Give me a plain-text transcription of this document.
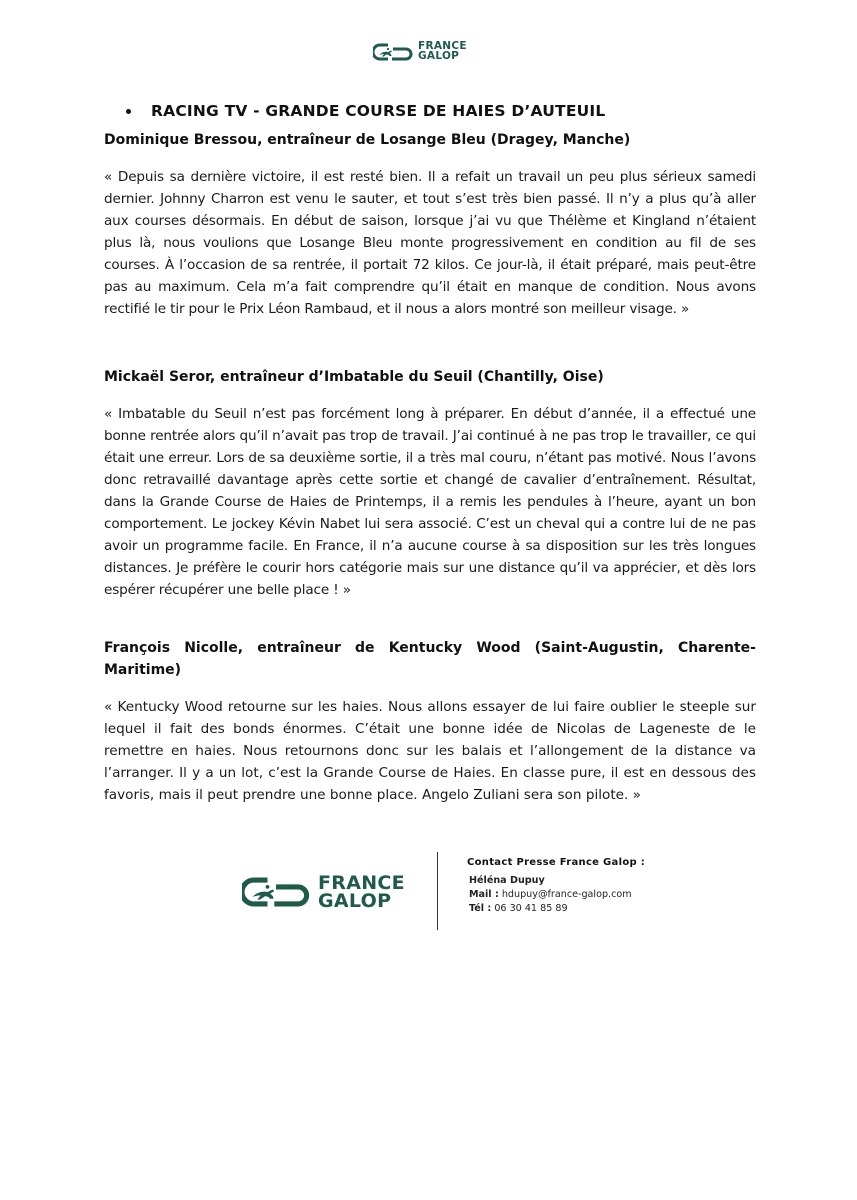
FRANCE
GALOP
RACING TV - GRANDE COURSE DE HAIES D’AUTEUIL
Dominique Bressou, entraîneur de Losange Bleu (Dragey, Manche)
« Depuis sa dernière victoire, il est resté bien. Il a refait un travail un peu plus sérieux samedi dernier. Johnny Charron est venu le sauter, et tout s’est très bien passé. Il n’y a plus qu’à aller aux courses désormais. En début de saison, lorsque j’ai vu que Thélème et Kingland n’étaient plus là, nous voulions que Losange Bleu monte progressivement en condition au fil de ses courses. À l’occasion de sa rentrée, il portait 72 kilos. Ce jour-là, il était préparé, mais peut-être pas au maximum. Cela m’a fait comprendre qu’il était en manque de condition. Nous avons rectifié le tir pour le Prix Léon Rambaud, et il nous a alors montré son meilleur visage. »
Mickaël Seror, entraîneur d’Imbatable du Seuil (Chantilly, Oise)
« Imbatable du Seuil n’est pas forcément long à préparer. En début d’année, il a effectué une bonne rentrée alors qu’il n’avait pas trop de travail. J’ai continué à ne pas trop le travailler, ce qui était une erreur. Lors de sa deuxième sortie, il a très mal couru, n’étant pas motivé. Nous l’avons donc retravaillé davantage après cette sortie et changé de cavalier d’entraînement. Résultat, dans la Grande Course de Haies de Printemps, il a remis les pendules à l’heure, ayant un bon comportement. Le jockey Kévin Nabet lui sera associé. C’est un cheval qui a contre lui de ne pas avoir un programme facile. En France, il n’a aucune course à sa disposition sur les très longues distances. Je préfère le courir hors catégorie mais sur une distance qu’il va apprécier, et dès lors espérer récupérer une belle place ! »
François Nicolle, entraîneur de Kentucky Wood (Saint-Augustin, Charente-Maritime)
« Kentucky Wood retourne sur les haies. Nous allons essayer de lui faire oublier le steeple sur lequel il fait des bonds énormes. C’était une bonne idée de Nicolas de Lageneste de le remettre en haies. Nous retournons donc sur les balais et l’allongement de la distance va l’arranger. Il y a un lot, c’est la Grande Course de Haies. En classe pure, il est en dessous des favoris, mais il peut prendre une bonne place. Angelo Zuliani sera son pilote. »
FRANCE
GALOP
Contact Presse France Galop :
Héléna Dupuy
Mail : hdupuy@france-galop.com
Tél : 06 30 41 85 89
